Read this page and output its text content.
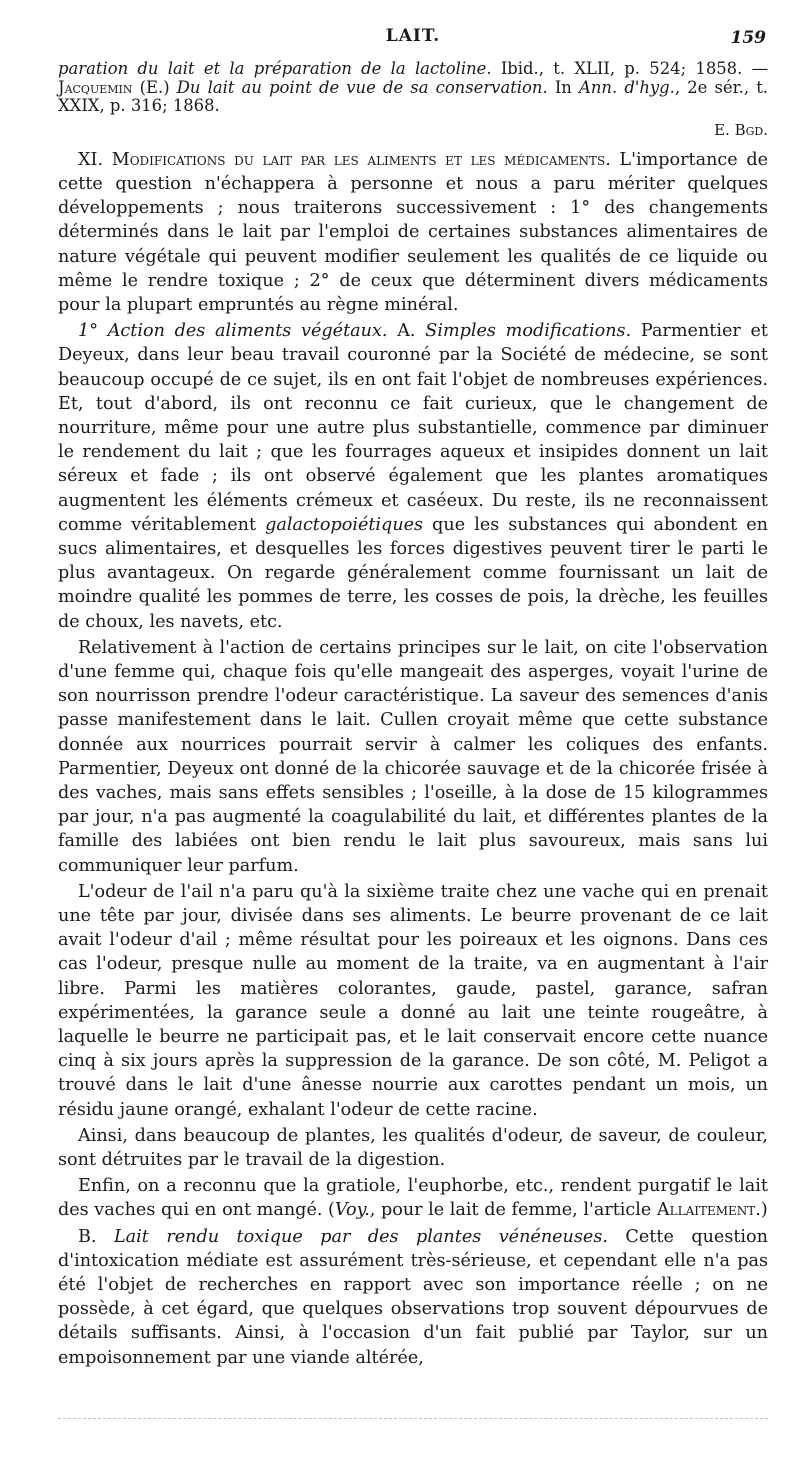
LAIT.	159

paration du lait et la préparation de la lactoline. Ibid., t. XLII, p. 524; 1858. — Jacquemin (E.) Du lait au point de vue de sa conservation. In Ann. d'hyg., 2e sér., t. XXIX, p. 316; 1868.

E. Bgd.

XI. Modifications du lait par les aliments et les médicaments. L'importance de cette question n'échappera à personne et nous a paru mériter quelques développements ; nous traiterons successivement : 1° des changements déterminés dans le lait par l'emploi de certaines substances alimentaires de nature végétale qui peuvent modifier seulement les qualités de ce liquide ou même le rendre toxique ; 2° de ceux que déterminent divers médicaments pour la plupart empruntés au règne minéral.

1° Action des aliments végétaux. A. Simples modifications. Parmentier et Deyeux, dans leur beau travail couronné par la Société de médecine, se sont beaucoup occupé de ce sujet, ils en ont fait l'objet de nombreuses expériences. Et, tout d'abord, ils ont reconnu ce fait curieux, que le changement de nourriture, même pour une autre plus substantielle, commence par diminuer le rendement du lait ; que les fourrages aqueux et insipides donnent un lait séreux et fade ; ils ont observé également que les plantes aromatiques augmentent les éléments crémeux et caséeux. Du reste, ils ne reconnaissent comme véritablement galactopoiétiques que les substances qui abondent en sucs alimentaires, et desquelles les forces digestives peuvent tirer le parti le plus avantageux. On regarde généralement comme fournissant un lait de moindre qualité les pommes de terre, les cosses de pois, la drèche, les feuilles de choux, les navets, etc.

Relativement à l'action de certains principes sur le lait, on cite l'observation d'une femme qui, chaque fois qu'elle mangeait des asperges, voyait l'urine de son nourrisson prendre l'odeur caractéristique. La saveur des semences d'anis passe manifestement dans le lait. Cullen croyait même que cette substance donnée aux nourrices pourrait servir à calmer les coliques des enfants. Parmentier, Deyeux ont donné de la chicorée sauvage et de la chicorée frisée à des vaches, mais sans effets sensibles ; l'oseille, à la dose de 15 kilogrammes par jour, n'a pas augmenté la coagulabilité du lait, et différentes plantes de la famille des labiées ont bien rendu le lait plus savoureux, mais sans lui communiquer leur parfum.

L'odeur de l'ail n'a paru qu'à la sixième traite chez une vache qui en prenait une tête par jour, divisée dans ses aliments. Le beurre provenant de ce lait avait l'odeur d'ail ; même résultat pour les poireaux et les oignons. Dans ces cas l'odeur, presque nulle au moment de la traite, va en augmentant à l'air libre. Parmi les matières colorantes, gaude, pastel, garance, safran expérimentées, la garance seule a donné au lait une teinte rougeâtre, à laquelle le beurre ne participait pas, et le lait conservait encore cette nuance cinq à six jours après la suppression de la garance. De son côté, M. Peligot a trouvé dans le lait d'une ânesse nourrie aux carottes pendant un mois, un résidu jaune orangé, exhalant l'odeur de cette racine.

Ainsi, dans beaucoup de plantes, les qualités d'odeur, de saveur, de couleur, sont détruites par le travail de la digestion.

Enfin, on a reconnu que la gratiole, l'euphorbe, etc., rendent purgatif le lait des vaches qui en ont mangé. (Voy., pour le lait de femme, l'article Allaitement.)

B. Lait rendu toxique par des plantes vénéneuses. Cette question d'intoxication médiate est assurément très-sérieuse, et cependant elle n'a pas été l'objet de recherches en rapport avec son importance réelle ; on ne possède, à cet égard, que quelques observations trop souvent dépourvues de détails suffisants. Ainsi, à l'occasion d'un fait publié par Taylor, sur un empoisonnement par une viande altérée,
